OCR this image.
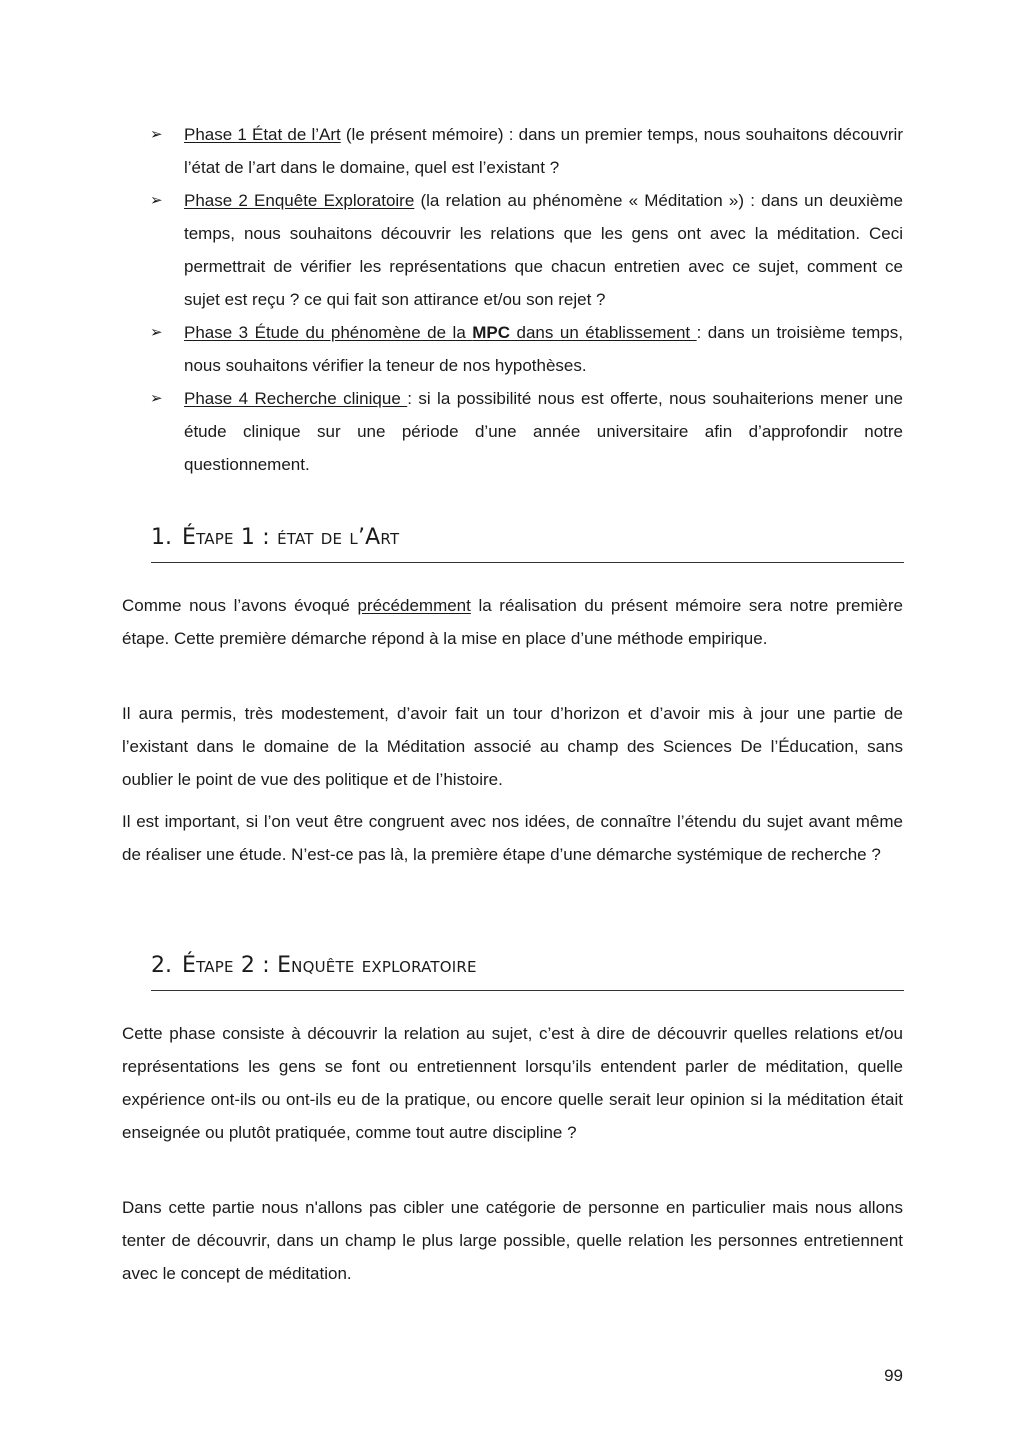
➢ Phase 1 État de l’Art (le présent mémoire) : dans un premier temps, nous souhaitons découvrir l’état de l’art dans le domaine, quel est l’existant ?
➢ Phase 2 Enquête Exploratoire (la relation au phénomène « Méditation ») : dans un deuxième temps, nous souhaitons découvrir les relations que les gens ont avec la méditation. Ceci permettrait de vérifier les représentations que chacun entretien avec ce sujet, comment ce sujet est reçu ? ce qui fait son attirance et/ou son rejet ?
➢ Phase 3 Étude du phénomène de la MPC dans un établissement : dans un troisième temps, nous souhaitons vérifier la teneur de nos hypothèses.
➢ Phase 4 Recherche clinique : si la possibilité nous est offerte, nous souhaiterions mener une étude clinique sur une période d’une année universitaire afin d’approfondir notre questionnement.
1. Étape 1 : état de l’Art

Comme nous l’avons évoqué précédemment la réalisation du présent mémoire sera notre première étape. Cette première démarche répond à la mise en place d’une méthode empirique.

Il aura permis, très modestement, d’avoir fait un tour d’horizon et d’avoir mis à jour une partie de l’existant dans le domaine de la Méditation associé au champ des Sciences De l’Éducation, sans oublier le point de vue des politique et de l’histoire.

Il est important, si l’on veut être congruent avec nos idées, de connaître l’étendu du sujet avant même de réaliser une étude. N’est-ce pas là, la première étape d’une démarche systémique de recherche ?

2. Étape 2 : Enquête exploratoire

Cette phase consiste à découvrir la relation au sujet, c’est à dire de découvrir quelles relations et/ou représentations les gens se font ou entretiennent lorsqu’ils entendent parler de méditation, quelle expérience ont-ils ou ont-ils eu de la pratique, ou encore quelle serait leur opinion si la méditation était enseignée ou plutôt pratiquée, comme tout autre discipline ?

Dans cette partie nous n'allons pas cibler une catégorie de personne en particulier mais nous allons tenter de découvrir, dans un champ le plus large possible, quelle relation les personnes entretiennent avec le concept de méditation.

99
